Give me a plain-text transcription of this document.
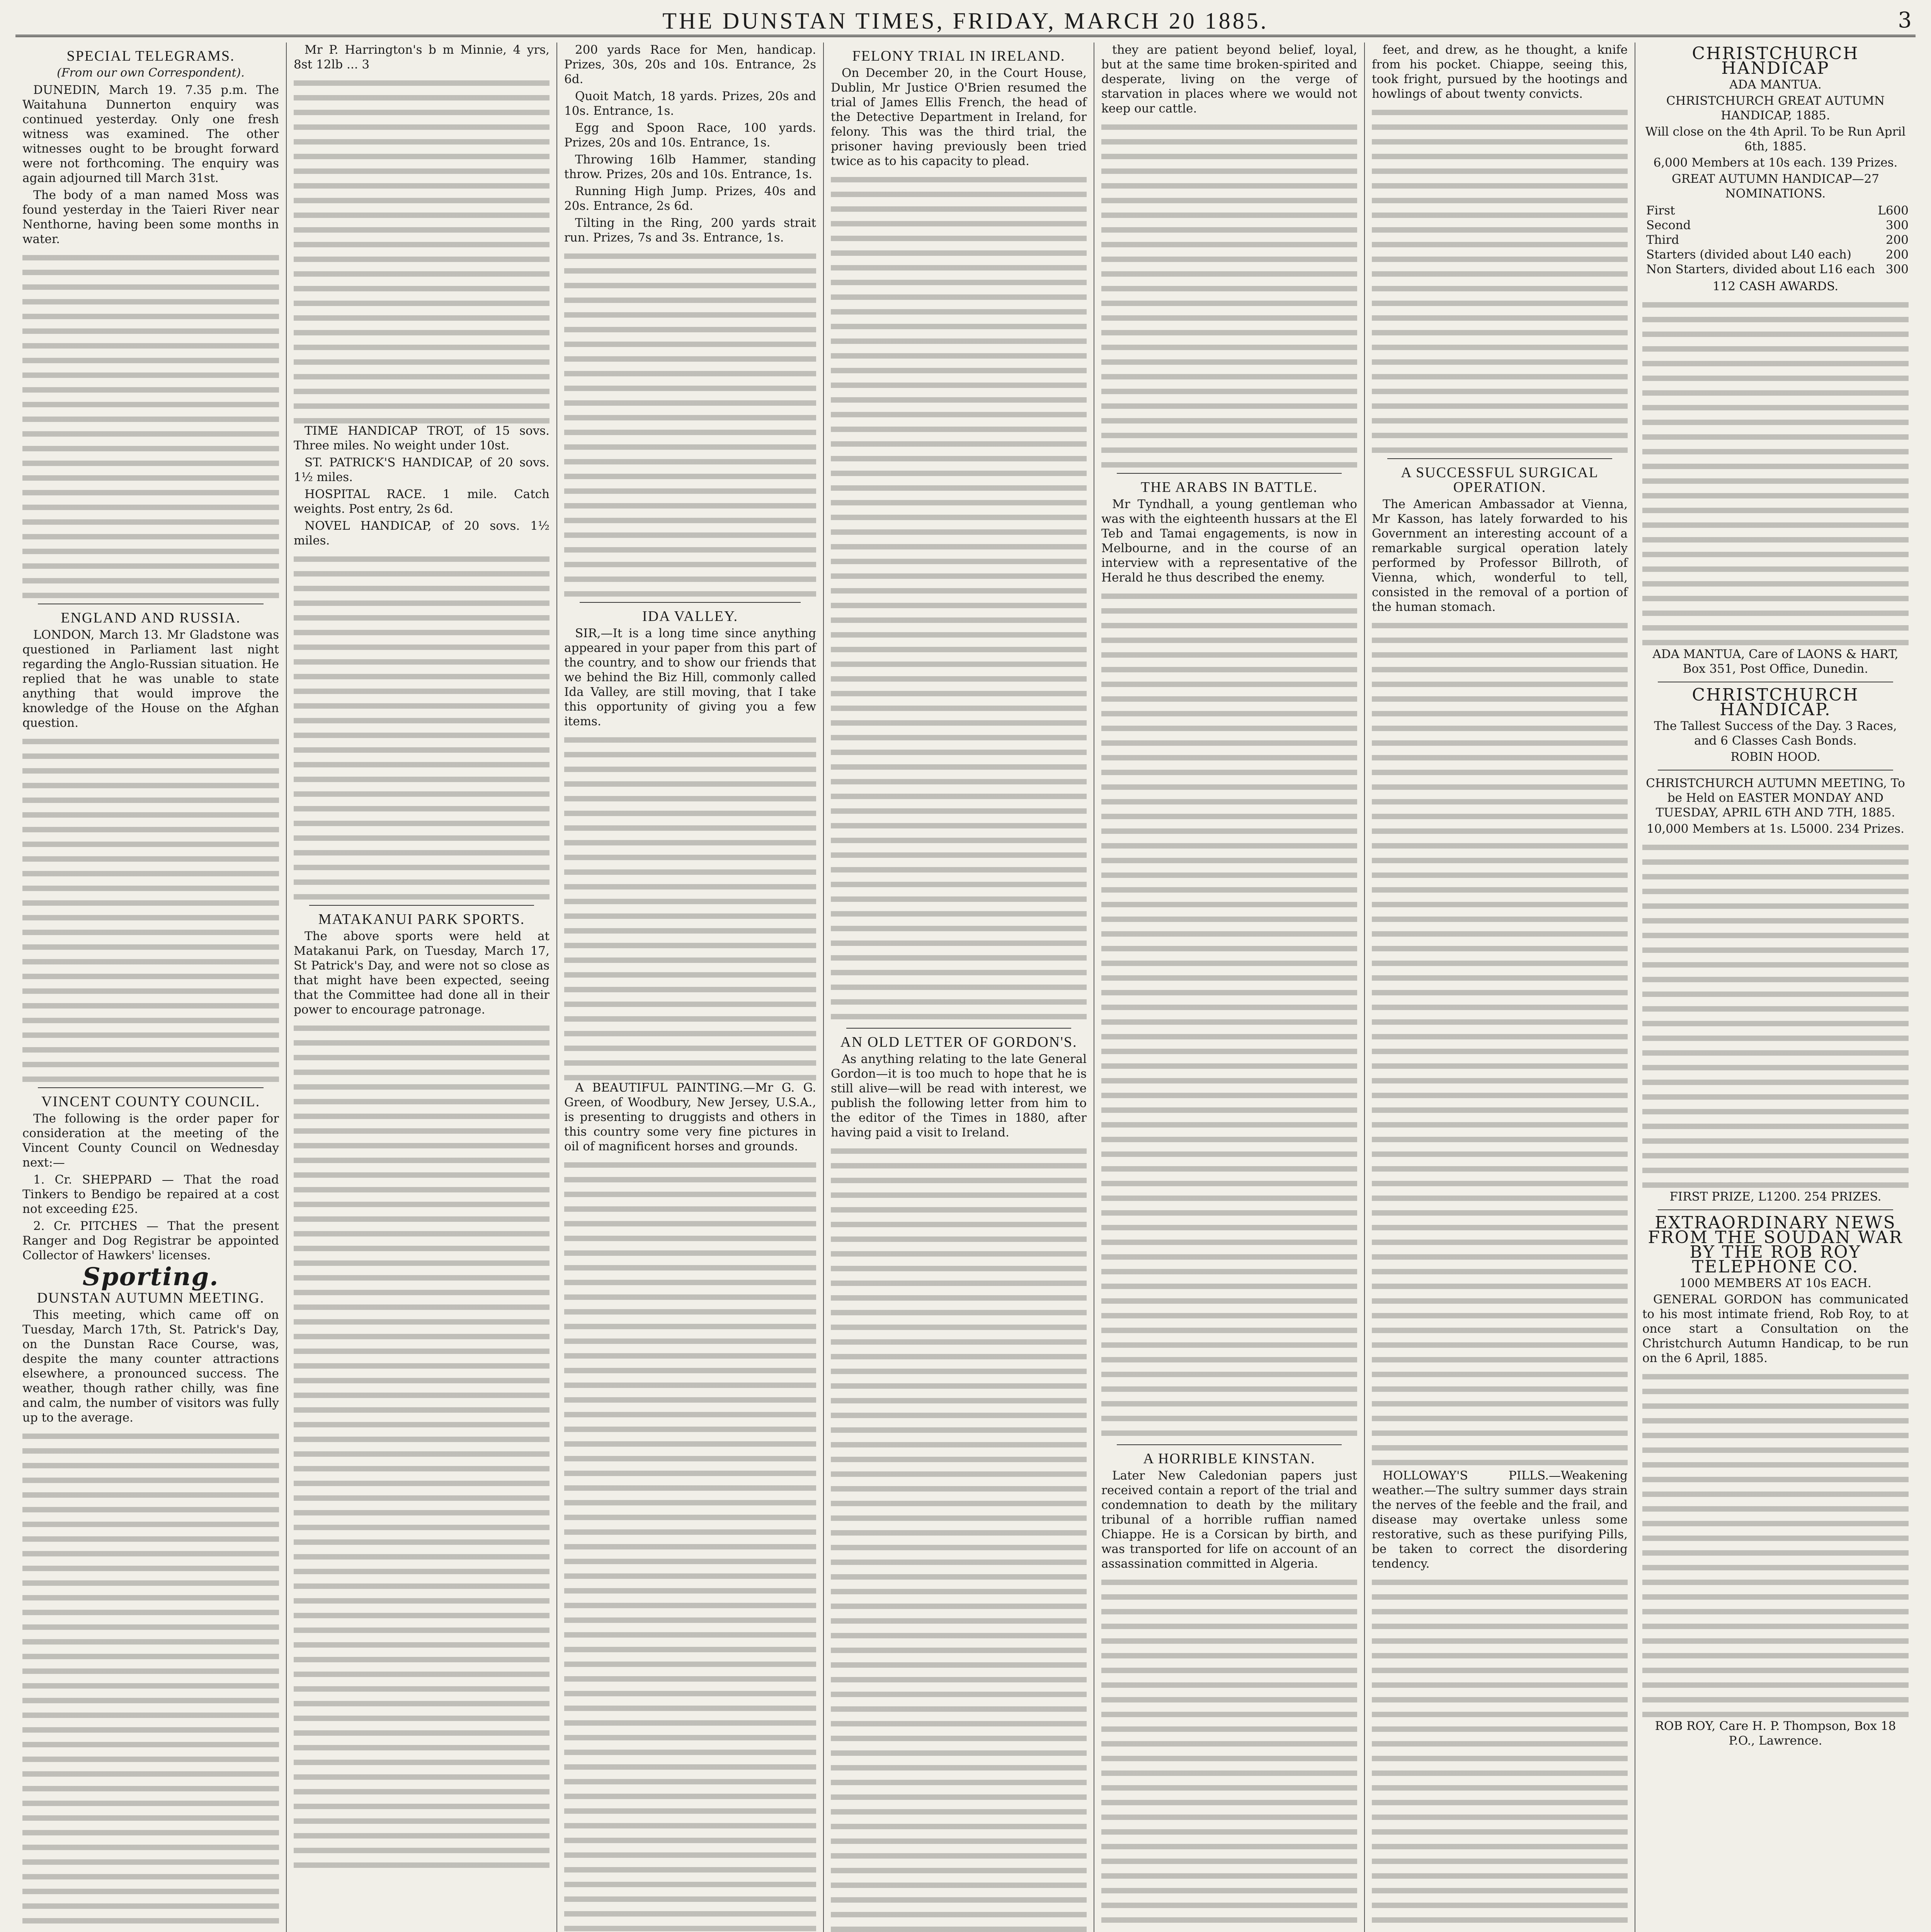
THE DUNSTAN TIMES, FRIDAY, MARCH 20 1885.	3
SPECIAL TELEGRAMS.
(From our own Correspondent).

DUNEDIN, March 19. 7.35 p.m. The Waitahuna Dunnerton enquiry was continued yesterday. Only one fresh witness was examined. The other witnesses ought to be brought forward were not forthcoming. The enquiry was again adjourned till March 31st.

The body of a man named Moss was found yesterday in the Taieri River near Nenthorne, having been some months in water.

ENGLAND AND RUSSIA.

LONDON, March 13. Mr Gladstone was questioned in Parliament last night regarding the Anglo-Russian situation. He replied that he was unable to state anything that would improve the knowledge of the House on the Afghan question.

VINCENT COUNTY COUNCIL.

The following is the order paper for consideration at the meeting of the Vincent County Council on Wednesday next:—

1. Cr. SHEPPARD — That the road Tinkers to Bendigo be repaired at a cost not exceeding £25.

2. Cr. PITCHES — That the present Ranger and Dog Registrar be appointed Collector of Hawkers' licenses.

Sporting.
DUNSTAN AUTUMN MEETING.

This meeting, which came off on Tuesday, March 17th, St. Patrick's Day, on the Dunstan Race Course, was, despite the many counter attractions elsewhere, a pronounced success. The weather, though rather chilly, was fine and calm, the number of visitors was fully up to the average.

Mr P. Harrington's b m Minnie, 4 yrs, 8st 12lb ... 3

TIME HANDICAP TROT, of 15 sovs. Three miles. No weight under 10st.

ST. PATRICK'S HANDICAP, of 20 sovs. 1½ miles.

HOSPITAL RACE. 1 mile. Catch weights. Post entry, 2s 6d.

NOVEL HANDICAP, of 20 sovs. 1½ miles.

MATAKANUI PARK SPORTS.

The above sports were held at Matakanui Park, on Tuesday, March 17, St Patrick's Day, and were not so close as that might have been expected, seeing that the Committee had done all in their power to encourage patronage.

200 yards Race for Men, handicap. Prizes, 30s, 20s and 10s. Entrance, 2s 6d.

Quoit Match, 18 yards. Prizes, 20s and 10s. Entrance, 1s.

Egg and Spoon Race, 100 yards. Prizes, 20s and 10s. Entrance, 1s.

Throwing 16lb Hammer, standing throw. Prizes, 20s and 10s. Entrance, 1s.

Running High Jump. Prizes, 40s and 20s. Entrance, 2s 6d.

Tilting in the Ring, 200 yards strait run. Prizes, 7s and 3s. Entrance, 1s.

IDA VALLEY.

SIR,—It is a long time since anything appeared in your paper from this part of the country, and to show our friends that we behind the Biz Hill, commonly called Ida Valley, are still moving, that I take this opportunity of giving you a few items.

A BEAUTIFUL PAINTING.—Mr G. G. Green, of Woodbury, New Jersey, U.S.A., is presenting to druggists and others in this country some very fine pictures in oil of magnificent horses and grounds.

FELONY TRIAL IN IRELAND.

On December 20, in the Court House, Dublin, Mr Justice O'Brien resumed the trial of James Ellis French, the head of the Detective Department in Ireland, for felony. This was the third trial, the prisoner having previously been tried twice as to his capacity to plead.

AN OLD LETTER OF GORDON'S.

As anything relating to the late General Gordon—it is too much to hope that he is still alive—will be read with interest, we publish the following letter from him to the editor of the Times in 1880, after having paid a visit to Ireland.

they are patient beyond belief, loyal, but at the same time broken-spirited and desperate, living on the verge of starvation in places where we would not keep our cattle.

THE ARABS IN BATTLE.

Mr Tyndhall, a young gentleman who was with the eighteenth hussars at the El Teb and Tamai engagements, is now in Melbourne, and in the course of an interview with a representative of the Herald he thus described the enemy.

A HORRIBLE KINSTAN.

Later New Caledonian papers just received contain a report of the trial and condemnation to death by the military tribunal of a horrible ruffian named Chiappe. He is a Corsican by birth, and was transported for life on account of an assassination committed in Algeria.

feet, and drew, as he thought, a knife from his pocket. Chiappe, seeing this, took fright, pursued by the hootings and howlings of about twenty convicts.

A SUCCESSFUL SURGICAL OPERATION.

The American Ambassador at Vienna, Mr Kasson, has lately forwarded to his Government an interesting account of a remarkable surgical operation lately performed by Professor Billroth, of Vienna, which, wonderful to tell, consisted in the removal of a portion of the human stomach.

HOLLOWAY'S PILLS.—Weakening weather.—The sultry summer days strain the nerves of the feeble and the frail, and disease may overtake unless some restorative, such as these purifying Pills, be taken to correct the disordering tendency.

CHRISTCHURCH HANDICAP
ADA MANTUA.
CHRISTCHURCH GREAT AUTUMN HANDICAP, 1885.
Will close on the 4th April. To be Run April 6th, 1885.
6,000 Members at 10s each. 139 Prizes.
GREAT AUTUMN HANDICAP—27 NOMINATIONS.
First	L600
Second	300
Third	200
Starters (divided about L40 each)	200
Non Starters, divided about L16 each 300
112 CASH AWARDS.
ADA MANTUA, Care of LAONS & HART, Box 351, Post Office, Dunedin.
CHRISTCHURCH HANDICAP.
The Tallest Success of the Day. 3 Races, and 6 Classes Cash Bonds.
ROBIN HOOD.
CHRISTCHURCH AUTUMN MEETING, To be Held on EASTER MONDAY AND TUESDAY, APRIL 6TH AND 7TH, 1885.
10,000 Members at 1s. L5000. 234 Prizes.
FIRST PRIZE, L1200. 254 PRIZES.
EXTRAORDINARY NEWS FROM THE SOUDAN WAR BY THE ROB ROY TELEPHONE CO.
1000 MEMBERS AT 10s EACH.

GENERAL GORDON has communicated to his most intimate friend, Rob Roy, to at once start a Consultation on the Christchurch Autumn Handicap, to be run on the 6 April, 1885.

ROB ROY, Care H. P. Thompson, Box 18 P.O., Lawrence.
